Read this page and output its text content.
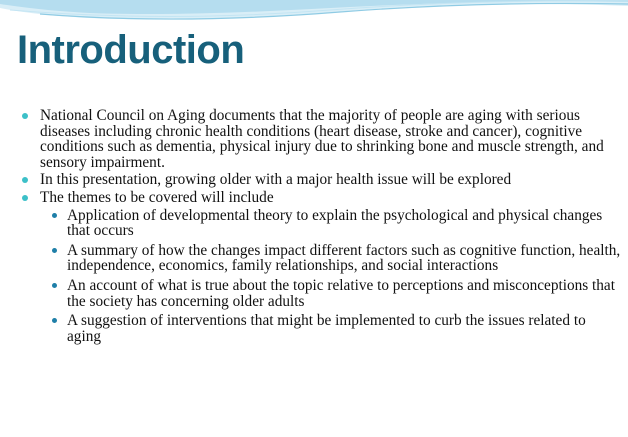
Introduction
National Council on Aging documents that the majority of people are aging with serious diseases including chronic health conditions (heart disease, stroke and cancer), cognitive conditions such as dementia, physical injury due to shrinking bone and muscle strength, and sensory impairment.
In this presentation, growing older with a major health issue will be explored
The themes to be covered will include
Application of developmental theory to explain the psychological and physical changes that occurs
A summary of how the changes impact different factors such as cognitive function, health, independence, economics, family relationships, and social interactions
An account of what is true about the topic relative to perceptions and misconceptions that the society has concerning older adults
A suggestion of interventions that might be implemented to curb the issues related to aging
